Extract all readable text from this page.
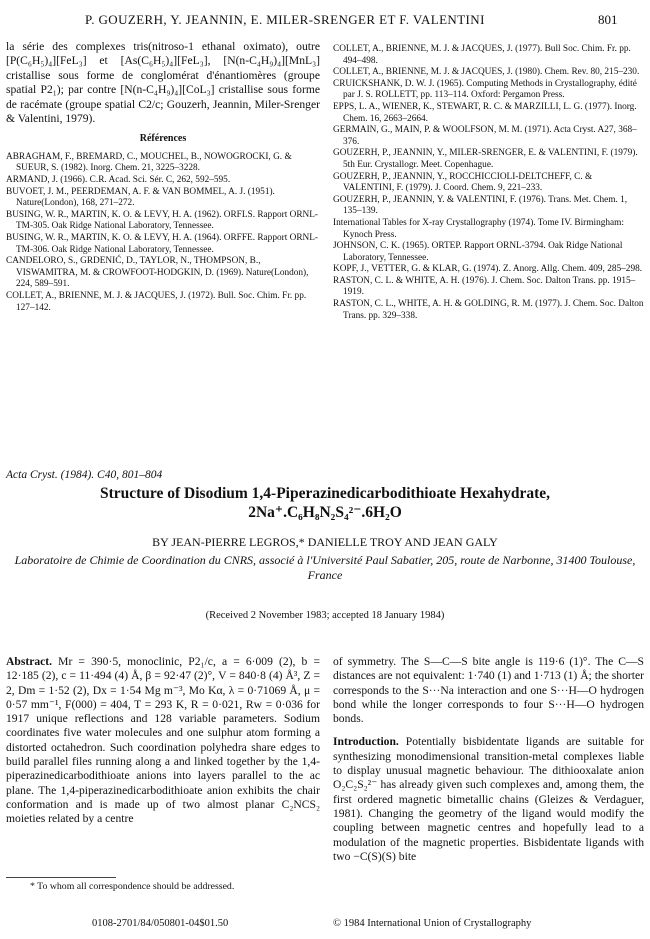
P. GOUZERH, Y. JEANNIN, E. MILER-SRENGER ET F. VALENTINI	801

la série des complexes tris(nitroso-1 ethanal oximato), outre [P(C₆H₅)₄][FeL₃] et [As(C₆H₅)₄][FeL₃], [N(n-C₄H₉)₄][MnL₃] cristallise sous forme de conglomérat d'énantiomères (groupe spatial P2₁); par contre [N(n-C₄H₉)₄][CoL₃] cristallise sous forme de racémate (groupe spatial C2/c; Gouzerh, Jeannin, Miler-Srenger & Valentini, 1979).

Références

ABRAGHAM, F., BREMARD, C., MOUCHEL, B., NOWOGROCKI, G. & SUEUR, S. (1982). Inorg. Chem. 21, 3225–3228.

ARMAND, J. (1966). C.R. Acad. Sci. Sér. C, 262, 592–595.

BUVOET, J. M., PEERDEMAN, A. F. & VAN BOMMEL, A. J. (1951). Nature(London), 168, 271–272.

BUSING, W. R., MARTIN, K. O. & LEVY, H. A. (1962). ORFLS. Rapport ORNL-TM-305. Oak Ridge National Laboratory, Tennessee.

BUSING, W. R., MARTIN, K. O. & LEVY, H. A. (1964). ORFFE. Rapport ORNL-TM-306. Oak Ridge National Laboratory, Tennessee.

CANDELORO, S., GRDENIĆ, D., TAYLOR, N., THOMPSON, B., VISWAMITRA, M. & CROWFOOT-HODGKIN, D. (1969). Nature(London), 224, 589–591.

COLLET, A., BRIENNE, M. J. & JACQUES, J. (1972). Bull. Soc. Chim. Fr. pp. 127–142.

COLLET, A., BRIENNE, M. J. & JACQUES, J. (1977). Bull Soc. Chim. Fr. pp. 494–498.

COLLET, A., BRIENNE, M. J. & JACQUES, J. (1980). Chem. Rev. 80, 215–230.

CRUICKSHANK, D. W. J. (1965). Computing Methods in Crystallography, édité par J. S. ROLLETT, pp. 113–114. Oxford: Pergamon Press.

EPPS, L. A., WIENER, K., STEWART, R. C. & MARZILLI, L. G. (1977). Inorg. Chem. 16, 2663–2664.

GERMAIN, G., MAIN, P. & WOOLFSON, M. M. (1971). Acta Cryst. A27, 368–376.

GOUZERH, P., JEANNIN, Y., MILER-SRENGER, E. & VALENTINI, F. (1979). 5th Eur. Crystallogr. Meet. Copenhague.

GOUZERH, P., JEANNIN, Y., ROCCHICCIOLI-DELTCHEFF, C. & VALENTINI, F. (1979). J. Coord. Chem. 9, 221–233.

GOUZERH, P., JEANNIN, Y. & VALENTINI, F. (1976). Trans. Met. Chem. 1, 135–139.

International Tables for X-ray Crystallography (1974). Tome IV. Birmingham: Kynoch Press.

JOHNSON, C. K. (1965). ORTEP. Rapport ORNL-3794. Oak Ridge National Laboratory, Tennessee.

KOPF, J., VETTER, G. & KLAR, G. (1974). Z. Anorg. Allg. Chem. 409, 285–298.

RASTON, C. L. & WHITE, A. H. (1976). J. Chem. Soc. Dalton Trans. pp. 1915–1919.

RASTON, C. L., WHITE, A. H. & GOLDING, R. M. (1977). J. Chem. Soc. Dalton Trans. pp. 329–338.

Acta Cryst. (1984). C40, 801–804
Structure of Disodium 1,4-Piperazinedicarbodithioate Hexahydrate,
2Na⁺.C₆H₈N₂S₄²⁻.6H₂O
BY JEAN-PIERRE LEGROS,* DANIELLE TROY AND JEAN GALY
Laboratoire de Chimie de Coordination du CNRS, associé à l'Université Paul Sabatier, 205, route de Narbonne, 31400 Toulouse, France
(Received 2 November 1983; accepted 18 January 1984)
Abstract. Mr = 390·5, monoclinic, P2₁/c, a = 6·009 (2), b = 12·185 (2), c = 11·494 (4) Å, β = 92·47 (2)°, V = 840·8 (4) Å³, Z = 2, Dm = 1·52 (2), Dx = 1·54 Mg m⁻³, Mo Kα, λ = 0·71069 Å, μ = 0·57 mm⁻¹, F(000) = 404, T = 293 K, R = 0·021, Rw = 0·036 for 1917 unique reflections and 128 variable parameters. Sodium coordinates five water molecules and one sulphur atom forming a distorted octahedron. Such coordination polyhedra share edges to build parallel files running along a and linked together by the 1,4-piperazinedicarbodithioate anions into layers parallel to the ac plane. The 1,4-piperazinedicarbodithioate anion exhibits the chair conformation and is made up of two almost planar C₂NCS₂ moieties related by a centre

of symmetry. The S—C—S bite angle is 119·6 (1)°. The C—S distances are not equivalent: 1·740 (1) and 1·713 (1) Å; the shorter corresponds to the S···Na interaction and one S···H—O hydrogen bond while the longer corresponds to four S···H—O hydrogen bonds.

Introduction. Potentially bisbidentate ligands are suitable for synthesizing monodimensional transition-metal complexes liable to display unusual magnetic behaviour. The dithiooxalate anion O₂C₂S₂²⁻ has already given such complexes and, among them, the first ordered magnetic bimetallic chains (Gleizes & Verdaguer, 1981). Changing the geometry of the ligand would modify the coupling between magnetic centres and hopefully lead to a modulation of the magnetic properties. Bisbidentate ligands with two −C(S)(S) bite

* To whom all correspondence should be addressed.
0108-2701/84/050801-04$01.50	© 1984 International Union of Crystallography
